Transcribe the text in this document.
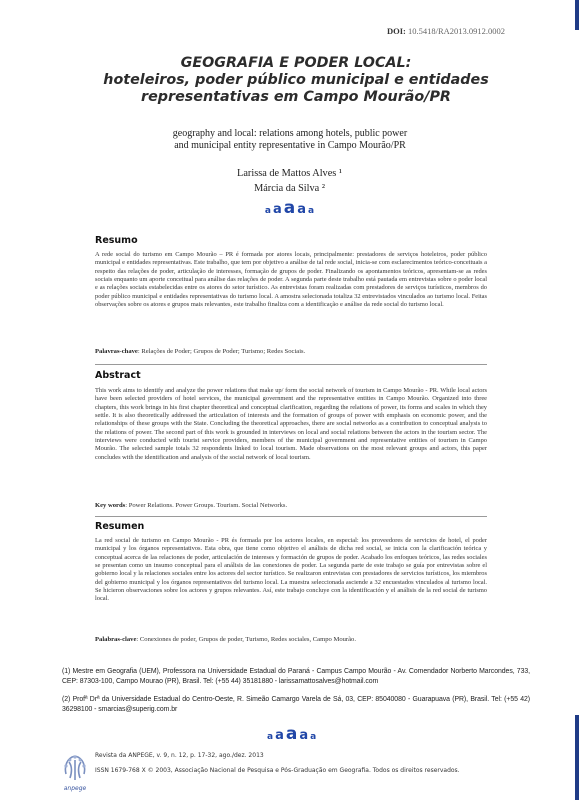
DOI: 10.5418/RA2013.0912.0002
GEOGRAFIA E PODER LOCAL:
hoteleiros, poder público municipal e entidades
representativas em Campo Mourão/PR
geography and local: relations among hotels, public power
and municipal entity representative in Campo Mourão/PR
Larissa de Mattos Alves ¹
Márcia da Silva ²
a a a a a
Resumo
A rede social do turismo em Campo Mourão – PR é formada por atores locais, principalmente: prestadores de serviços hoteleiros, poder público municipal e entidades representativas. Este trabalho, que tem por objetivo a análise de tal rede social, inicia-se com esclarecimentos teórico-conceituais a respeito das relações de poder, articulação de interesses, formação de grupos de poder. Finalizando os apontamentos teóricos, apresentam-se as redes sociais enquanto um aporte conceitual para análise das relações de poder. A segunda parte deste trabalho está pautada em entrevistas sobre o poder local e as relações sociais estabelecidas entre os atores do setor turístico. As entrevistas foram realizadas com prestadores de serviços turísticos, membros do poder público municipal e entidades representativas do turismo local. A amostra selecionada totaliza 32 entrevistados vinculados ao turismo local. Feitas observações sobre os atores e grupos mais relevantes, este trabalho finaliza com a identificação e análise da rede social do turismo local.
Palavras-chave: Relações de Poder; Grupos de Poder; Turismo; Redes Sociais.
Abstract
This work aims to identify and analyze the power relations that make up/ form the social network of tourism in Campo Mourão - PR. While local actors have been selected providers of hotel services, the municipal government and the representative entities in Campo Mourão. Organized into three chapters, this work brings in his first chapter theoretical and conceptual clarification, regarding the relations of power, its forms and scales in which they settle. It is also theoretically addressed the articulation of interests and the formation of groups of power with emphasis on economic power, and the relationships of these groups with the State. Concluding the theoretical approaches, there are social networks as a contribution to conceptual analysis to the relations of power. The second part of this work is grounded in interviews on local and social relations between the actors in the tourism sector. The interviews were conducted with tourist service providers, members of the municipal government and representative entities of tourism in Campo Mourão. The selected sample totals 32 respondents linked to local tourism. Made observations on the most relevant groups and actors, this paper concludes with the identification and analysis of the social network of local tourism.
Key words: Power Relations. Power Groups. Tourism. Social Networks.
Resumen
La red social de turismo en Campo Mourão - PR és formada por los actores locales, en especial: los proveedores de servicios de hotel, el poder municipal y los órganos representativos. Esta obra, que tiene como objetivo el análisis de dicha red social, se inicia con la clarificación teórica y conceptual acerca de las relaciones de poder, articulación de intereses y formación de grupos de poder. Acabado los enfoques teóricos, las redes sociales se presentan como un insumo conceptual para el análisis de las conexiones de poder. La segunda parte de este trabajo se guía por entrevistas sobre el gobierno local y la relaciones sociales entre los actores del sector turístico. Se realizaron entrevistas con prestadores de servicios turísticos, los miembros del gobierno municipal y los órganos representativos del turismo local. La muestra seleccionada asciende a 32 encuestados vinculados al turismo local. Se hicieron observaciones sobre los actores y grupos relevantes. Así, este trabajo concluye con la identificación y el análisis de la red social de turismo local.
Palabras-clave: Conexiones de poder, Grupos de poder, Turismo, Redes sociales, Campo Mourão.
(1) Mestre em Geografia (UEM), Professora na Universidade Estadual do Paraná - Campus Campo Mourão - Av. Comendador Norberto Marcondes, 733, CEP: 87303-100, Campo Mourao (PR), Brasil. Tel: (+55 44) 35181880 - larissamattosalves@hotmail.com
(2) Profª Drª da Universidade Estadual do Centro-Oeste, R. Simeão Camargo Varela de Sá, 03, CEP: 85040080 - Guarapuava (PR), Brasil. Tel: (+55 42) 36298100 - smarcias@superig.com.br
a a a a a
anpege
Revista da ANPEGE, v. 9, n. 12, p. 17-32, ago./dez. 2013
ISSN 1679-768 X © 2003, Associação Nacional de Pesquisa e Pós-Graduação em Geografia. Todos os direitos reservados.
